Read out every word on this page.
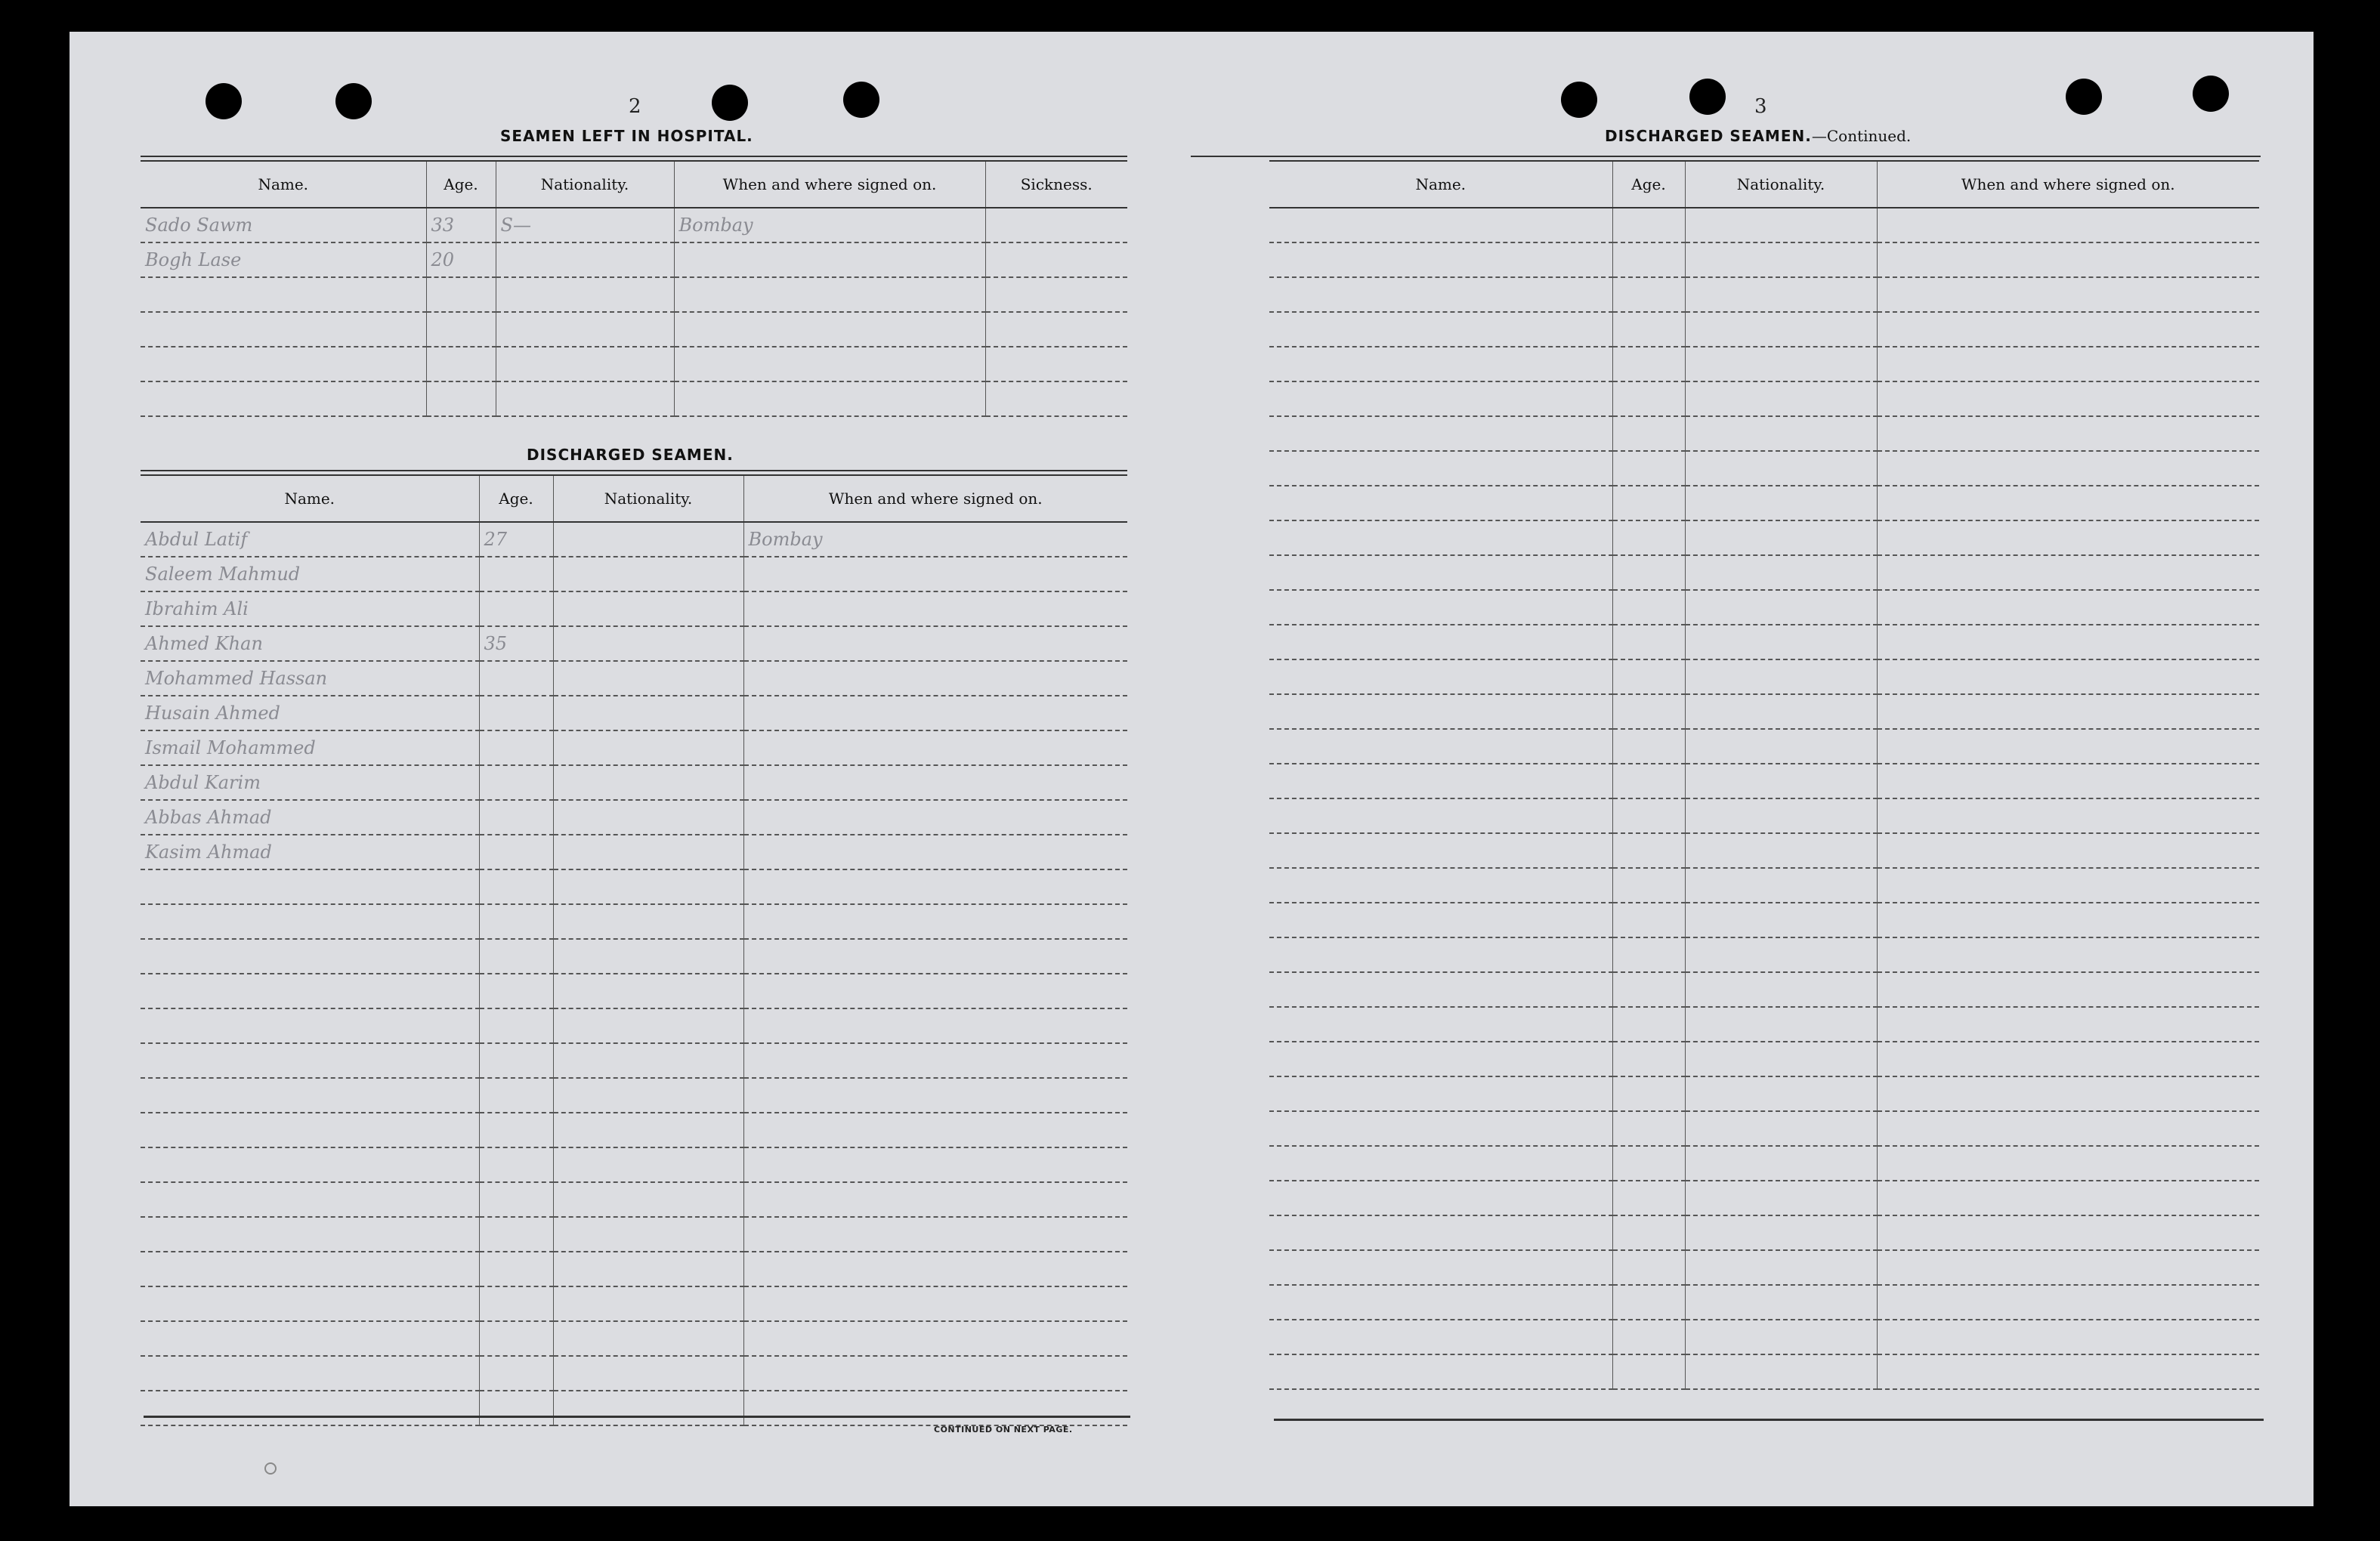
2
SEAMEN LEFT IN HOSPITAL.
Name.	Age.	Nationality.	When and where signed on.	Sickness.
Sado Sawm	33	S—	Bombay	
Bogh Lase	20			

DISCHARGED SEAMEN.
Name.	Age.	Nationality.	When and where signed on.
Abdul Latif	27		Bombay
Saleem Mahmud			
Ibrahim Ali			
Ahmed Khan	35		
Mohammed Hassan			
Husain Ahmed			
Ismail Mohammed			
Abdul Karim			
Abbas Ahmad			
Kasim Ahmad			

CONTINUED ON NEXT PAGE.
3
DISCHARGED SEAMEN.—Continued.
Name.	Age.	Nationality.	When and where signed on.
